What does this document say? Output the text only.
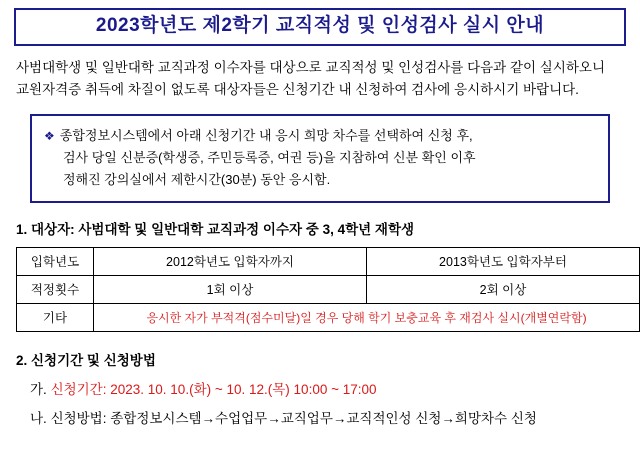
2023학년도 제2학기 교직적성 및 인성검사 실시 안내
사범대학생 및 일반대학 교직과정 이수자를 대상으로 교직적성 및 인성검사를 다음과 같이 실시하오니
교원자격증 취득에 차질이 없도록 대상자들은 신청기간 내 신청하여 검사에 응시하시기 바랍니다.
❖ 종합정보시스템에서 아래 신청기간 내 응시 희망 차수를 선택하여 신청 후,
검사 당일 신분증(학생증, 주민등록증, 여권 등)을 지참하여 신분 확인 이후
정해진 강의실에서 제한시간(30분) 동안 응시함.
1. 대상자: 사범대학 및 일반대학 교직과정 이수자 중 3, 4학년 재학생
입학년도	2012학년도 입학자까지	2013학년도 입학자부터
적정횟수	1회 이상	2회 이상
기타	응시한 자가 부적격(점수미달)일 경우 당해 학기 보충교육 후 재검사 실시(개별연락함)	
2. 신청기간 및 신청방법
가. 신청기간: 2023. 10. 10.(화) ~ 10. 12.(목) 10:00 ~ 17:00
나. 신청방법: 종합정보시스템→수업업무→교직업무→교직적인성 신청→희망차수 신청
